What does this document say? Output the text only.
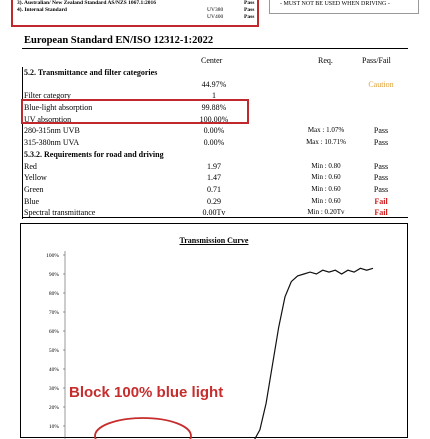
3). Australian/ New Zealand Standard AS/NZS 1067.1:2016	Pass
4). Internal Standard	UV380	Pass
UV400	Pass
- MUST NOT BE USED WHEN DRIVING -
European Standard EN/ISO 12312-1:2022
Center	Req.	Pass/Fail
5.2. Transmittance and filter categories
44.97%	Caution
Filter category	1
Blue-light absorption	99.88%
UV absorption	100.00%
280-315nm UVB	0.00%	Max : 1.07%	Pass
315-380nm UVA	0.00%	Max : 10.71%	Pass
5.3.2. Requirements for road and driving
Red	1.97	Min : 0.80	Pass
Yellow	1.47	Min : 0.60	Pass
Green	0.71	Min : 0.60	Pass
Blue	0.29	Min : 0.60	Fail
Spectral transmittance	0.00Tv	Min : 0.20Tv	Fail
Transmission Curve
100%
90%
80%
70%
60%
50%
40%
30%
20%
10%
Block 100% blue light
